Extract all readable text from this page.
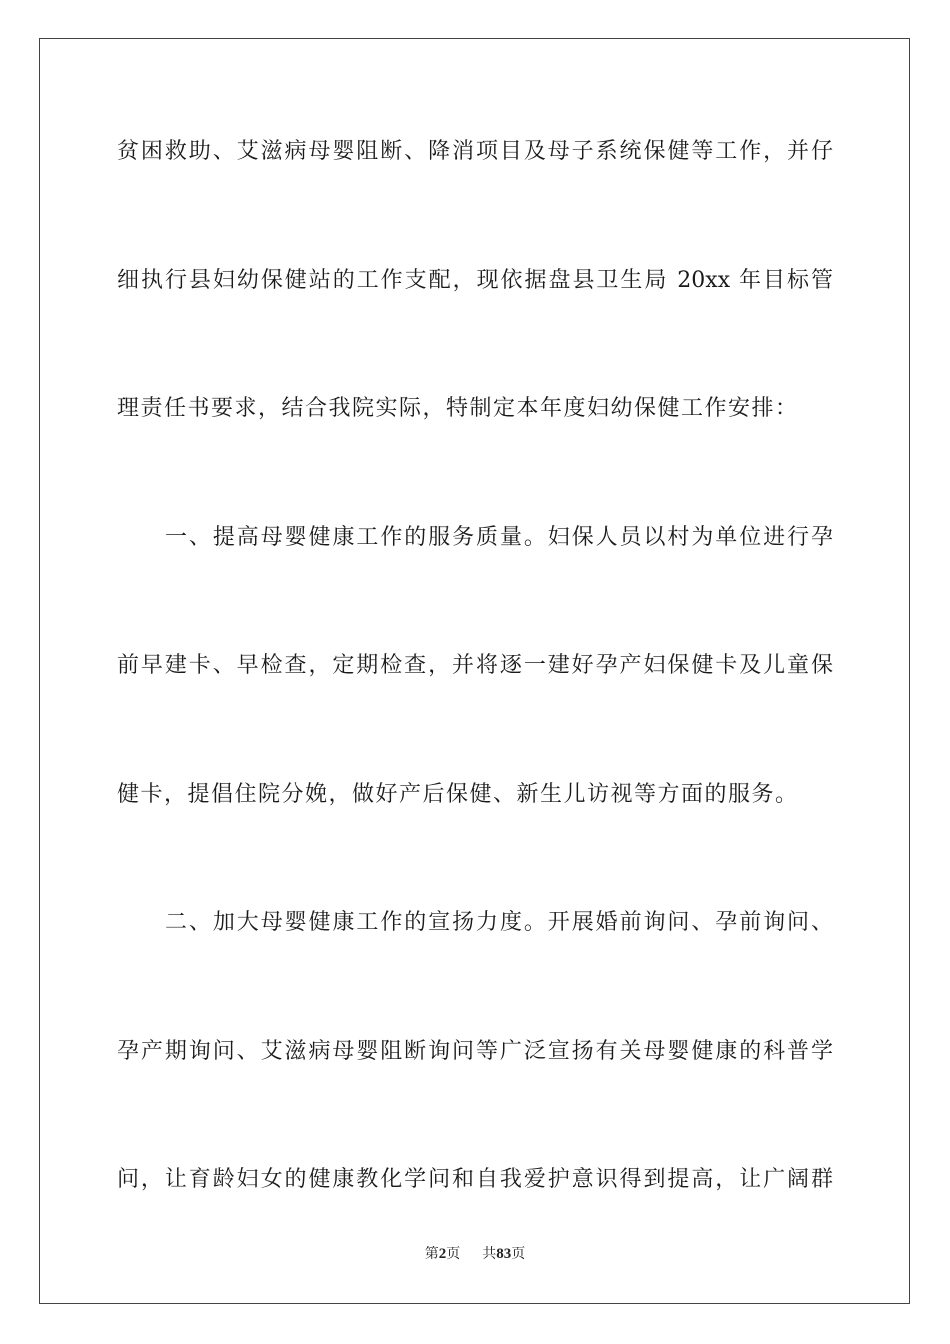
贫困救助、艾滋病母婴阻断、降消项目及母子系统保健等工作，并仔
细执行县妇幼保健站的工作支配，现依据盘县卫生局 20xx 年目标管
理责任书要求，结合我院实际，特制定本年度妇幼保健工作安排：
一、提高母婴健康工作的服务质量。妇保人员以村为单位进行孕
前早建卡、早检查，定期检查，并将逐一建好孕产妇保健卡及儿童保
健卡，提倡住院分娩，做好产后保健、新生儿访视等方面的服务。
二、加大母婴健康工作的宣扬力度。开展婚前询问、孕前询问、
孕产期询问、艾滋病母婴阻断询问等广泛宣扬有关母婴健康的科普学
问，让育龄妇女的健康教化学问和自我爱护意识得到提高，让广阔群
第2页 共83页
